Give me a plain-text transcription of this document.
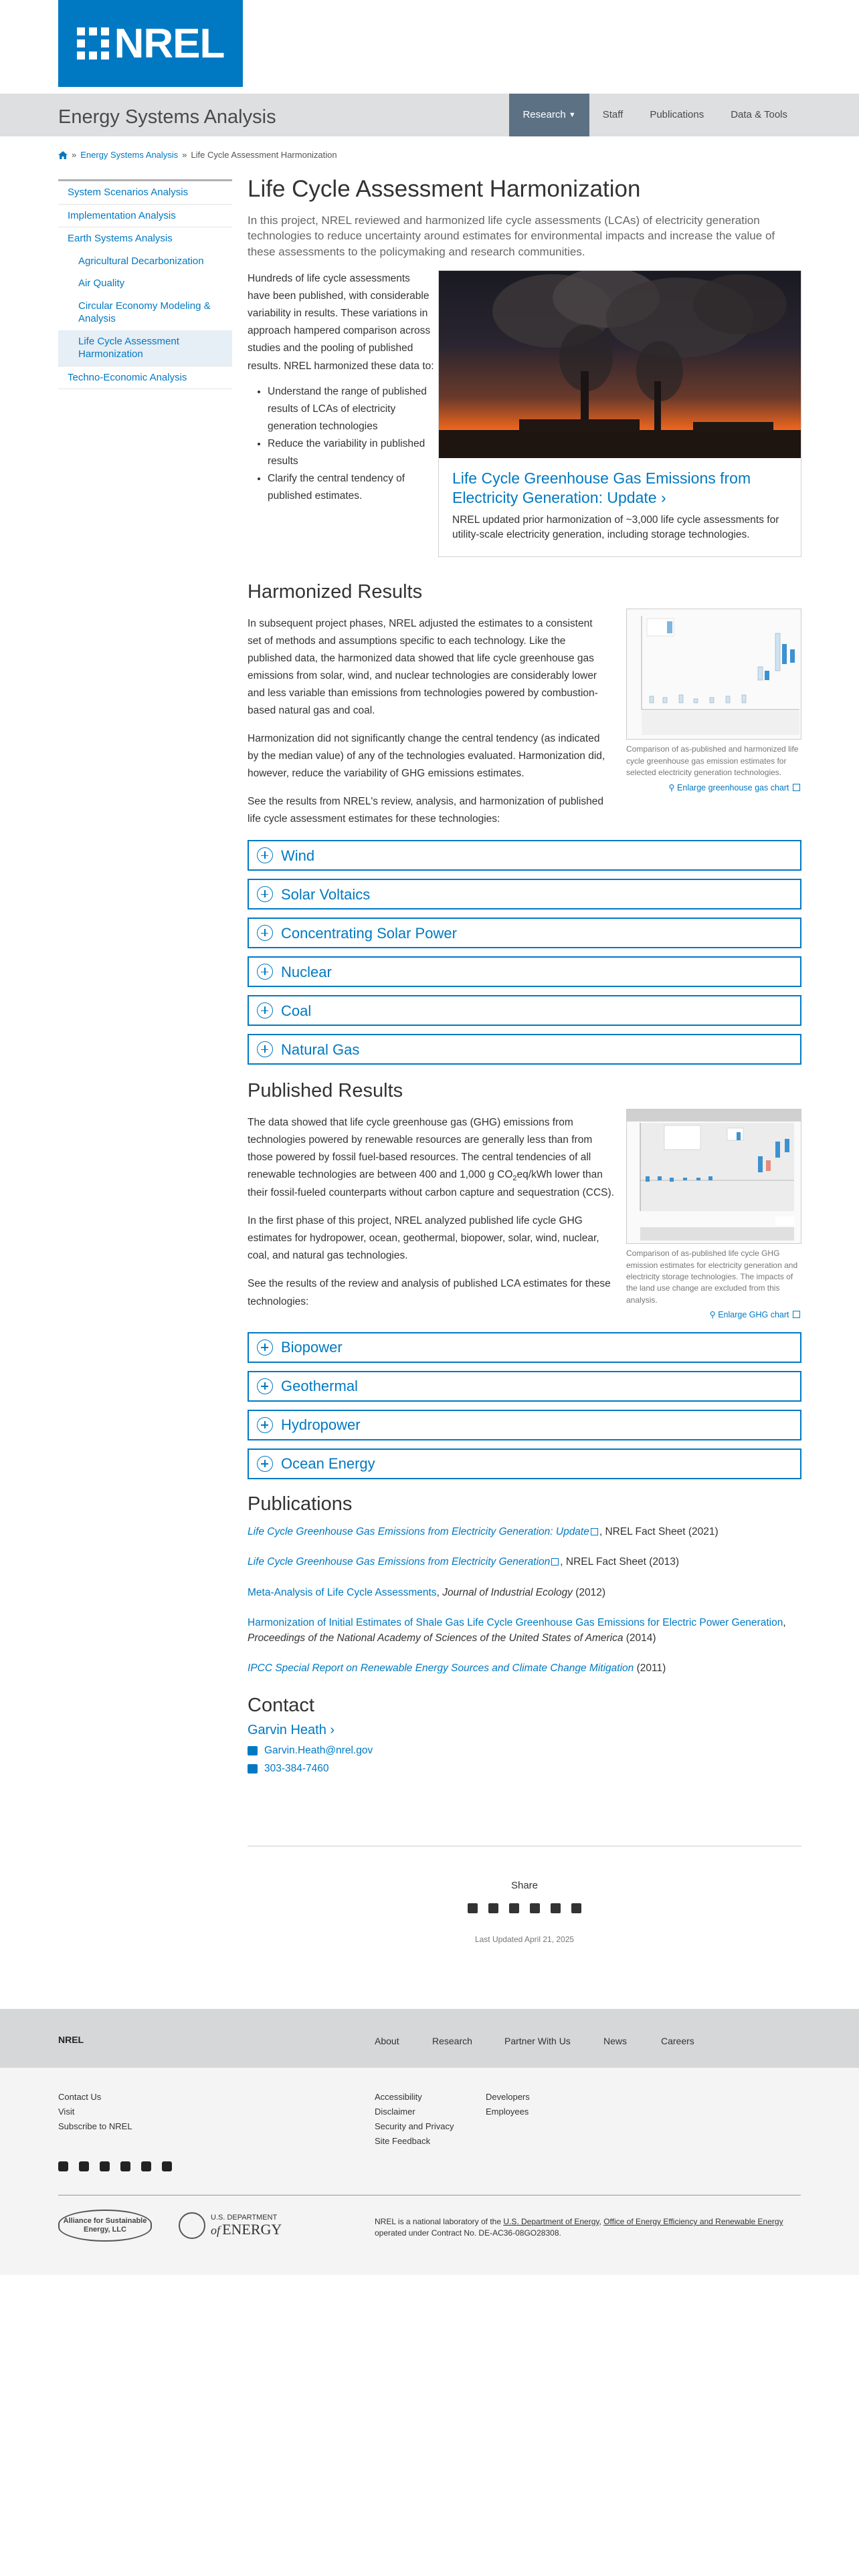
NREL
Energy Systems Analysis	Research
▼	Staff	Publications	Data & Tools
» Energy Systems Analysis » Life Cycle Assessment Harmonization
System Scenarios Analysis
Implementation Analysis
Earth Systems Analysis
Agricultural Decarbonization
Air Quality
Circular Economy Modeling & Analysis
Life Cycle Assessment Harmonization
Techno-Economic Analysis
Life Cycle Assessment Harmonization

In this project, NREL reviewed and harmonized life cycle assessments (LCAs) of electricity generation technologies to reduce uncertainty around estimates for environmental impacts and increase the value of these assessments to the policymaking and research communities.

Hundreds of life cycle assessments have been published, with considerable variability in results. These variations in approach hampered comparison across studies and the pooling of published results. NREL harmonized these data to:

• Understand the range of published results of LCAs of electricity generation technologies
• Reduce the variability in published results
• Clarify the central tendency of published estimates.
Life Cycle Greenhouse Gas Emissions from Electricity Generation: Update ›

NREL updated prior harmonization of ~3,000 life cycle assessments for utility-scale electricity generation, including storage technologies.

Harmonized Results

Comparison of as-published and harmonized life cycle greenhouse gas emission estimates for selected electricity generation technologies.

⚲ Enlarge greenhouse gas chart

In subsequent project phases, NREL adjusted the estimates to a consistent set of methods and assumptions specific to each technology. Like the published data, the harmonized data showed that life cycle greenhouse gas emissions from solar, wind, and nuclear technologies are considerably lower and less variable than emissions from technologies powered by combustion-based natural gas and coal.

Harmonization did not significantly change the central tendency (as indicated by the median value) of any of the technologies evaluated. Harmonization did, however, reduce the variability of GHG emissions estimates.

See the results from NREL's review, analysis, and harmonization of published life cycle assessment estimates for these technologies:

Wind
Solar Voltaics
Concentrating Solar Power
Nuclear
Coal
Natural Gas
Published Results

Comparison of as-published life cycle GHG emission estimates for electricity generation and electricity storage technologies. The impacts of the land use change are excluded from this analysis.

⚲ Enlarge GHG chart

The data showed that life cycle greenhouse gas (GHG) emissions from technologies powered by renewable resources are generally less than from those powered by fossil fuel-based resources. The central tendencies of all renewable technologies are between 400 and 1,000 g $CO_2eq$/kWh lower than their fossil-fueled counterparts without carbon capture and sequestration (CCS).

In the first phase of this project, NREL analyzed published life cycle GHG estimates for hydropower, ocean, geothermal, biopower, solar, wind, nuclear, coal, and natural gas technologies.

See the results of the review and analysis of published LCA estimates for these technologies:

Biopower
Geothermal
Hydropower
Ocean Energy
Publications

Life Cycle Greenhouse Gas Emissions from Electricity Generation: Update , NREL Fact Sheet (2021)

Life Cycle Greenhouse Gas Emissions from Electricity Generation , NREL Fact Sheet (2013)

Meta-Analysis of Life Cycle Assessments, Journal of Industrial Ecology (2012)

Harmonization of Initial Estimates of Shale Gas Life Cycle Greenhouse Gas Emissions for Electric Power Generation, Proceedings of the National Academy of Sciences of the United States of America (2014)

IPCC Special Report on Renewable Energy Sources and Climate Change Mitigation (2011)

Contact
Garvin Heath ›
Garvin.Heath@nrel.gov
303-384-7460
Share
Last Updated April 21, 2025
NREL	About	Research	Partner With Us	News	Careers
Contact Us
Visit
Subscribe to NREL
Accessibility
Disclaimer
Security and Privacy
Site Feedback
Developers
Employees
Alliance for Sustainable Energy, LLC
U.S. DEPARTMENT
of ENERGY	NREL is a national laboratory of the U.S. Department of Energy, Office of Energy Efficiency and Renewable Energy operated under Contract No. DE-AC36-08GO28308.
